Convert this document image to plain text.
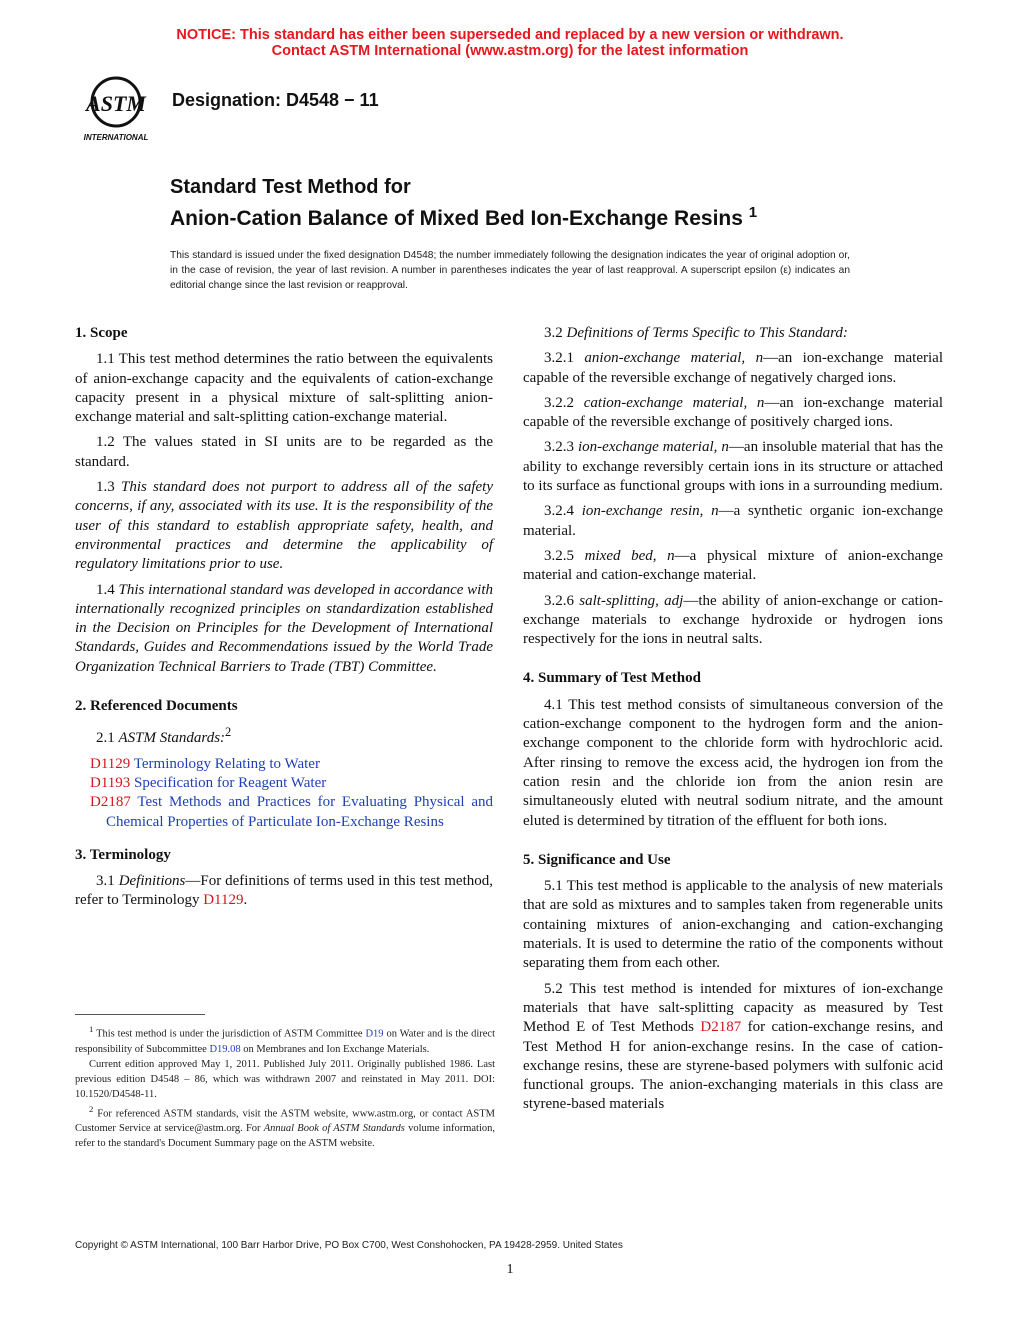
NOTICE: This standard has either been superseded and replaced by a new version or withdrawn.
Contact ASTM International (www.astm.org) for the latest information
ASTM
INTERNATIONAL
Designation: D4548 − 11
Standard Test Method for
Anion-Cation Balance of Mixed Bed Ion-Exchange Resins $^1$
This standard is issued under the fixed designation D4548; the number immediately following the designation indicates the year of original adoption or, in the case of revision, the year of last revision. A number in parentheses indicates the year of last reapproval. A superscript epsilon (ε) indicates an editorial change since the last revision or reapproval.
1. Scope

1.1 This test method determines the ratio between the equivalents of anion-exchange capacity and the equivalents of cation-exchange capacity present in a physical mixture of salt-splitting anion-exchange material and salt-splitting cation-exchange material.

1.2 The values stated in SI units are to be regarded as the standard.

1.3 This standard does not purport to address all of the safety concerns, if any, associated with its use. It is the responsibility of the user of this standard to establish appropriate safety, health, and environmental practices and determine the applicability of regulatory limitations prior to use.

1.4 This international standard was developed in accordance with internationally recognized principles on standardization established in the Decision on Principles for the Development of International Standards, Guides and Recommendations issued by the World Trade Organization Technical Barriers to Trade (TBT) Committee.

2. Referenced Documents

2.1 ASTM Standards:$^2$

D1129 Terminology Relating to Water

D1193 Specification for Reagent Water

D2187 Test Methods and Practices for Evaluating Physical and Chemical Properties of Particulate Ion-Exchange Resins

3. Terminology

3.1 Definitions—For definitions of terms used in this test method, refer to Terminology D1129.

3.2 Definitions of Terms Specific to This Standard:

3.2.1 anion-exchange material, n—an ion-exchange material capable of the reversible exchange of negatively charged ions.

3.2.2 cation-exchange material, n—an ion-exchange material capable of the reversible exchange of positively charged ions.

3.2.3 ion-exchange material, n—an insoluble material that has the ability to exchange reversibly certain ions in its structure or attached to its surface as functional groups with ions in a surrounding medium.

3.2.4 ion-exchange resin, n—a synthetic organic ion-exchange material.

3.2.5 mixed bed, n—a physical mixture of anion-exchange material and cation-exchange material.

3.2.6 salt-splitting, adj—the ability of anion-exchange or cation-exchange materials to exchange hydroxide or hydrogen ions respectively for the ions in neutral salts.

4. Summary of Test Method

4.1 This test method consists of simultaneous conversion of the cation-exchange component to the hydrogen form and the anion-exchange component to the chloride form with hydrochloric acid. After rinsing to remove the excess acid, the hydrogen ion from the cation resin and the chloride ion from the anion resin are simultaneously eluted with neutral sodium nitrate, and the amount eluted is determined by titration of the effluent for both ions.

5. Significance and Use

5.1 This test method is applicable to the analysis of new materials that are sold as mixtures and to samples taken from regenerable units containing mixtures of anion-exchanging and cation-exchanging materials. It is used to determine the ratio of the components without separating them from each other.

5.2 This test method is intended for mixtures of ion-exchange materials that have salt-splitting capacity as measured by Test Method E of Test Methods D2187 for cation-exchange resins, and Test Method H for anion-exchange resins. In the case of cation-exchange resins, these are styrene-based polymers with sulfonic acid functional groups. The anion-exchanging materials in this class are styrene-based materials

$^1$ This test method is under the jurisdiction of ASTM Committee D19 on Water and is the direct responsibility of Subcommittee D19.08 on Membranes and Ion Exchange Materials.

Current edition approved May 1, 2011. Published July 2011. Originally published 1986. Last previous edition D4548 – 86, which was withdrawn 2007 and reinstated in May 2011. DOI: 10.1520/D4548-11.

$^2$ For referenced ASTM standards, visit the ASTM website, www.astm.org, or contact ASTM Customer Service at service@astm.org. For Annual Book of ASTM Standards volume information, refer to the standard's Document Summary page on the ASTM website.

Copyright © ASTM International, 100 Barr Harbor Drive, PO Box C700, West Conshohocken, PA 19428-2959. United States
1
